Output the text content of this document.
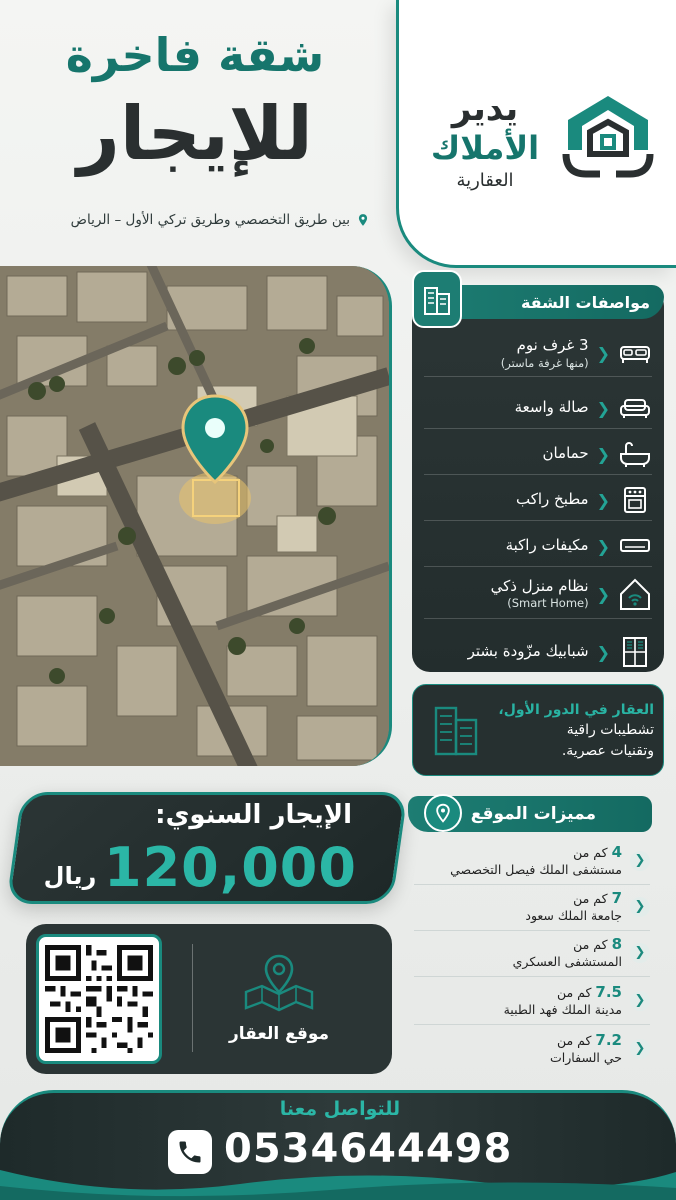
شقة فاخرة
للإيجار
بين طريق التخصصي وطريق تركي الأول – الرياض
يدير
الأملاك
العقارية
مواصفات الشقة
❮
3 غرف نوم
(منها غرفة ماستر)
❮
صالة واسعة
❮
حمامان
❮
مطبخ راكب
❮
مكيفات راكبة
❮
نظام منزل ذكي
(Smart Home)
❮
شبابيك مزّودة بشتر
العقار في الدور الأول،
تشطيبات راقية
وتقنيات عصرية.
الإيجار السنوي:
120,000
ريال
موقع العقار
مميزات الموقع
❮
4 كم من
مستشفى الملك فيصل التخصصي
❮
7 كم من
جامعة الملك سعود
❮
8 كم من
المستشفى العسكري
❮
7.5 كم من
مدينة الملك فهد الطبية
❮
7.2 كم من
حي السفارات
للتواصل معنا
0534644498
